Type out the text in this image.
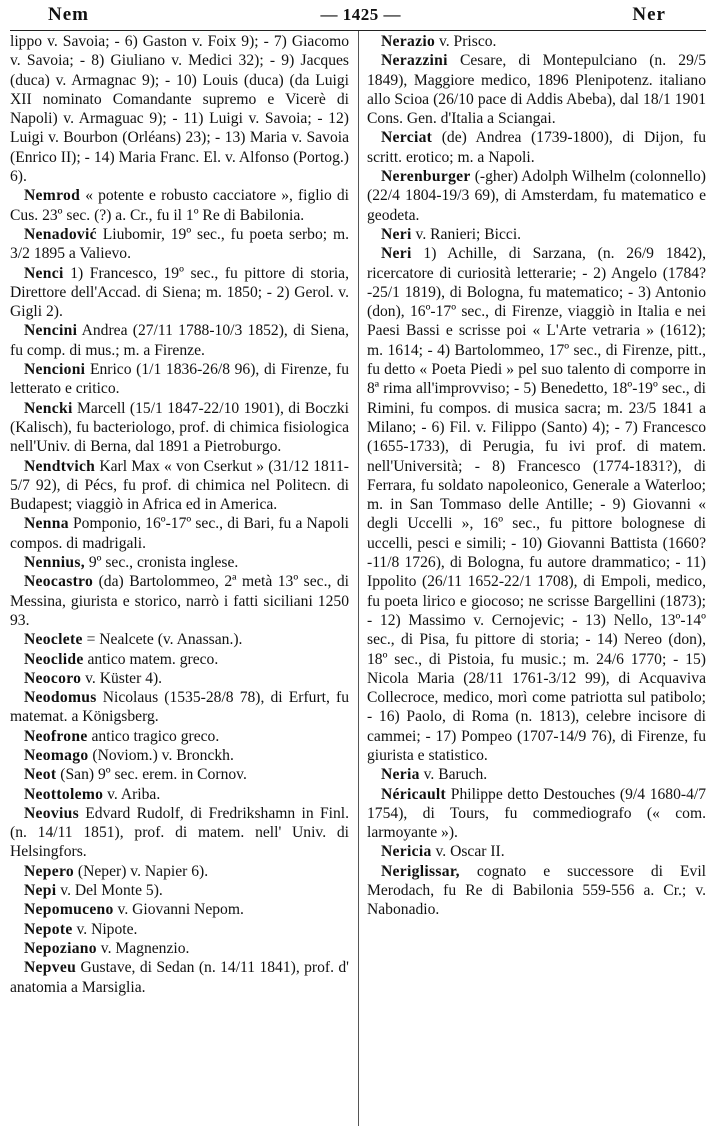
Nem	— 1425 —	Ner

lippo v. Savoia; - 6) Gaston v. Foix 9); - 7) Giacomo v. Savoia; - 8) Giuliano v. Medici 32); - 9) Jacques (duca) v. Armagnac 9); - 10) Louis (duca) (da Luigi XII nominato Comandante supremo e Vicerè di Napoli) v. Armaguac 9); - 11) Luigi v. Savoia; - 12) Luigi v. Bourbon (Orléans) 23); - 13) Maria v. Savoia (Enrico II); - 14) Maria Franc. El. v. Alfonso (Portog.) 6).

Nemrod « potente e robusto cacciatore », figlio di Cus. 23º sec. (?) a. Cr., fu il 1º Re di Babilonia.

Nenadović Liubomir, 19º sec., fu poeta serbo; m. 3/2 1895 a Valievo.

Nenci 1) Francesco, 19º sec., fu pittore di storia, Direttore dell'Accad. di Siena; m. 1850; - 2) Gerol. v. Gigli 2).

Nencini Andrea (27/11 1788-10/3 1852), di Siena, fu comp. di mus.; m. a Firenze.

Nencioni Enrico (1/1 1836-26/8 96), di Firenze, fu letterato e critico.

Nencki Marcell (15/1 1847-22/10 1901), di Boczki (Kalisch), fu bacteriologo, prof. di chimica fisiologica nell'Univ. di Berna, dal 1891 a Pietroburgo.

Nendtvich Karl Max « von Cserkut » (31/12 1811-5/7 92), di Pécs, fu prof. di chimica nel Politecn. di Budapest; viaggiò in Africa ed in America.

Nenna Pomponio, 16º-17º sec., di Bari, fu a Napoli compos. di madrigali.

Nennius, 9º sec., cronista inglese.

Neocastro (da) Bartolommeo, 2ª metà 13º sec., di Messina, giurista e storico, narrò i fatti siciliani 1250 93.

Neoclete = Nealcete (v. Anassan.).

Neoclide antico matem. greco.

Neocoro v. Küster 4).

Neodomus Nicolaus (1535-28/8 78), di Erfurt, fu matemat. a Königsberg.

Neofrone antico tragico greco.

Neomago (Noviom.) v. Bronckh.

Neot (San) 9º sec. erem. in Cornov.

Neottolemo v. Ariba.

Neovius Edvard Rudolf, di Fredrikshamn in Finl. (n. 14/11 1851), prof. di matem. nell' Univ. di Helsingfors.

Nepero (Neper) v. Napier 6).

Nepi v. Del Monte 5).

Nepomuceno v. Giovanni Nepom.

Nepote v. Nipote.

Nepoziano v. Magnenzio.

Nepveu Gustave, di Sedan (n. 14/11 1841), prof. d' anatomia a Marsiglia.

Nerazio v. Prisco.

Nerazzini Cesare, di Montepulciano (n. 29/5 1849), Maggiore medico, 1896 Plenipotenz. italiano allo Scioa (26/10 pace di Addis Abeba), dal 18/1 1901 Cons. Gen. d'Italia a Sciangai.

Nerciat (de) Andrea (1739-1800), di Dijon, fu scritt. erotico; m. a Napoli.

Nerenburger (-gher) Adolph Wilhelm (colonnello) (22/4 1804-19/3 69), di Amsterdam, fu matematico e geodeta.

Neri v. Ranieri; Bicci.

Neri 1) Achille, di Sarzana, (n. 26/9 1842), ricercatore di curiosità letterarie; - 2) Angelo (1784?-25/1 1819), di Bologna, fu matematico; - 3) Antonio (don), 16º-17º sec., di Firenze, viaggiò in Italia e nei Paesi Bassi e scrisse poi « L'Arte vetraria » (1612); m. 1614; - 4) Bartolommeo, 17º sec., di Firenze, pitt., fu detto « Poeta Piedi » pel suo talento di comporre in 8ª rima all'improvviso; - 5) Benedetto, 18º-19º sec., di Rimini, fu compos. di musica sacra; m. 23/5 1841 a Milano; - 6) Fil. v. Filippo (Santo) 4); - 7) Francesco (1655-1733), di Perugia, fu ivi prof. di matem. nell'Università; - 8) Francesco (1774-1831?), di Ferrara, fu soldato napoleonico, Generale a Waterloo; m. in San Tommaso delle Antille; - 9) Giovanni « degli Uccelli », 16º sec., fu pittore bolognese di uccelli, pesci e simili; - 10) Giovanni Battista (1660?-11/8 1726), di Bologna, fu autore drammatico; - 11) Ippolito (26/11 1652-22/1 1708), di Empoli, medico, fu poeta lirico e giocoso; ne scrisse Bargellini (1873); - 12) Massimo v. Cernojevic; - 13) Nello, 13º-14º sec., di Pisa, fu pittore di storia; - 14) Nereo (don), 18º sec., di Pistoia, fu music.; m. 24/6 1770; - 15) Nicola Maria (28/11 1761-3/12 99), di Acquaviva Collecroce, medico, morì come patriotta sul patibolo; - 16) Paolo, di Roma (n. 1813), celebre incisore di cammei; - 17) Pompeo (1707-14/9 76), di Firenze, fu giurista e statistico.

Neria v. Baruch.

Néricault Philippe detto Destouches (9/4 1680-4/7 1754), di Tours, fu commediografo (« com. larmoyante »).

Nericia v. Oscar II.

Neriglissar, cognato e successore di Evil Merodach, fu Re di Babilonia 559-556 a. Cr.; v. Nabonadio.
